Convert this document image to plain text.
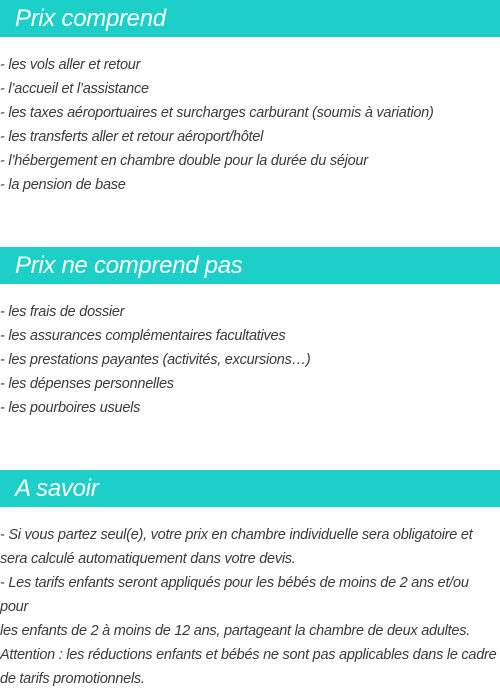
Prix comprend
- les vols aller et retour
- l’accueil et l’assistance
- les taxes aéroportuaires et surcharges carburant (soumis à variation)
- les transferts aller et retour aéroport/hôtel
- l’hébergement en chambre double pour la durée du séjour
- la pension de base
Prix ne comprend pas
- les frais de dossier
- les assurances complémentaires facultatives
- les prestations payantes (activités, excursions…)
- les dépenses personnelles
- les pourboires usuels
A savoir
- Si vous partez seul(e), votre prix en chambre individuelle sera obligatoire et
sera calculé automatiquement dans votre devis.
- Les tarifs enfants seront appliqués pour les bébés de moins de 2 ans et/ou pour
les enfants de 2 à moins de 12 ans, partageant la chambre de deux adultes.
Attention : les réductions enfants et bébés ne sont pas applicables dans le cadre
de tarifs promotionnels.
